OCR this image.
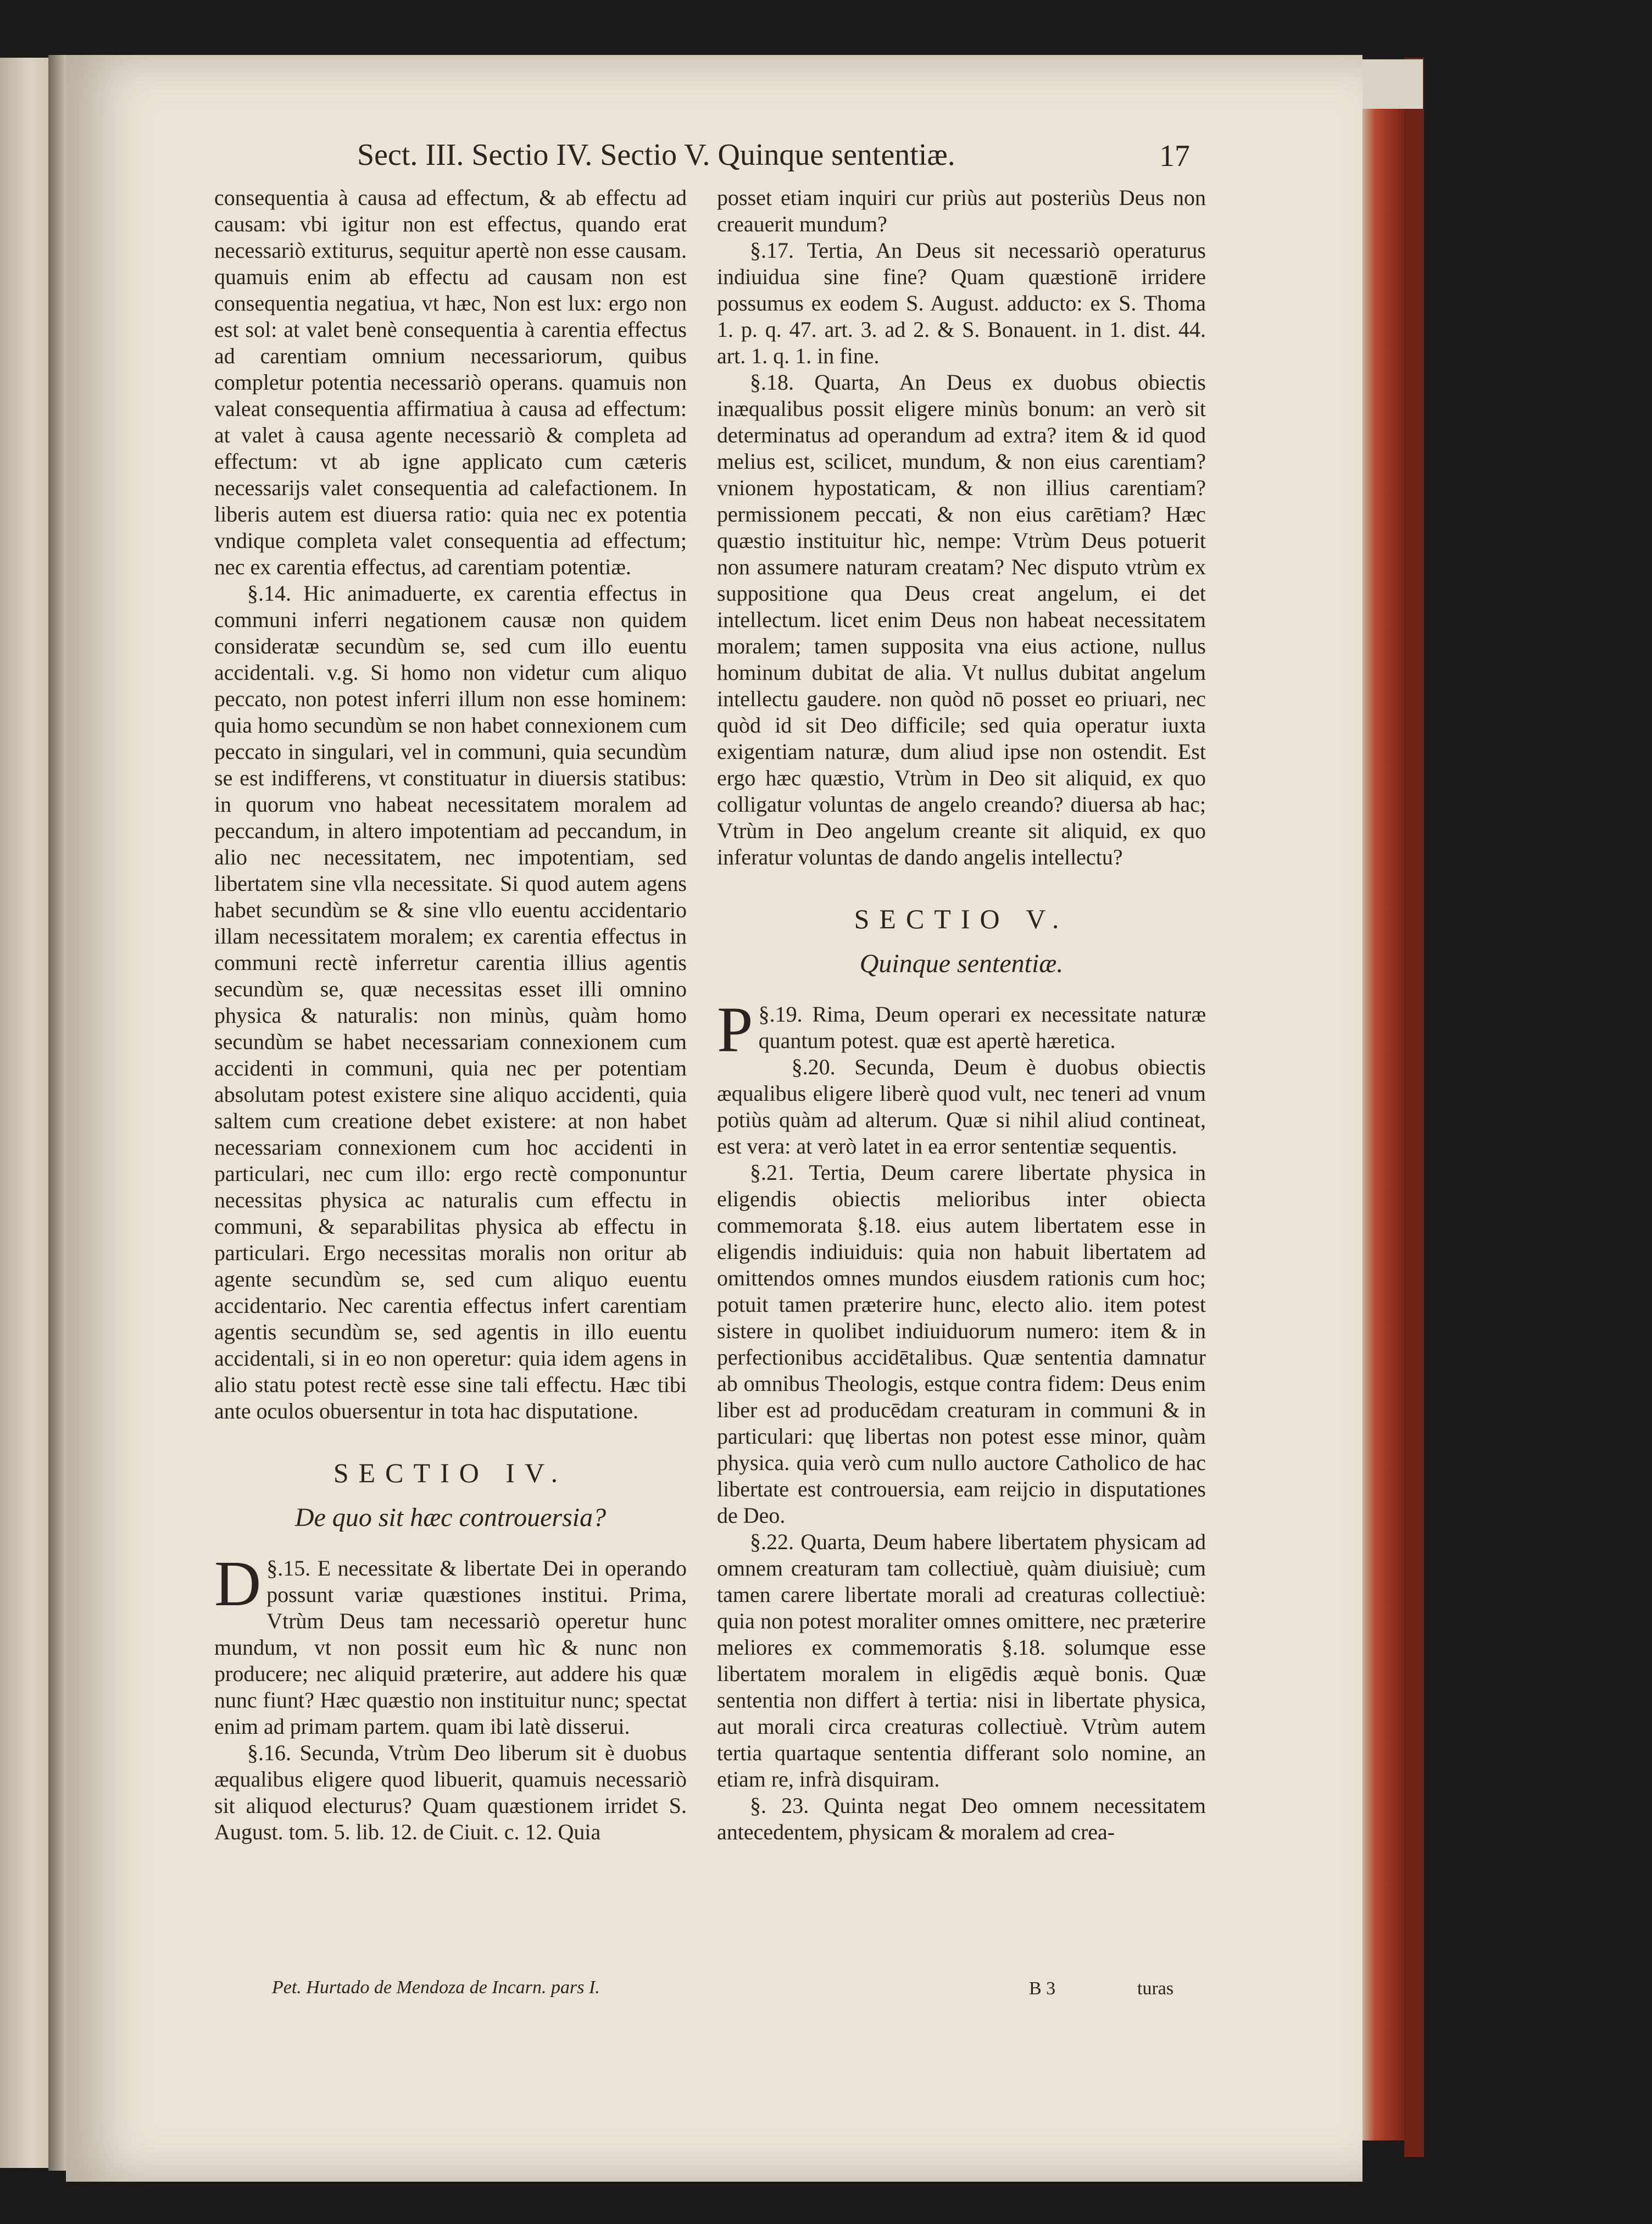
Sect. III. Sectio IV. Sectio V. Quinque sententiæ.	17

consequentia à causa ad effectum, & ab effectu ad causam: vbi igitur non est effectus, quando erat necessariò extiturus, sequitur apertè non esse causam. quamuis enim ab effectu ad causam non est consequentia negatiua, vt hæc, Non est lux: ergo non est sol: at valet benè consequentia à carentia effectus ad carentiam omnium necessariorum, quibus completur potentia necessariò operans. quamuis non valeat consequentia affirmatiua à causa ad effectum: at valet à causa agente necessariò & completa ad effectum: vt ab igne applicato cum cæteris necessarijs valet consequentia ad calefactionem. In liberis autem est diuersa ratio: quia nec ex potentia vndique completa valet consequentia ad effectum; nec ex carentia effectus, ad carentiam potentiæ.

§.14. Hic animaduerte, ex carentia effectus in communi inferri negationem causæ non quidem consideratæ secundùm se, sed cum illo euentu accidentali. v.g. Si homo non videtur cum aliquo peccato, non potest inferri illum non esse hominem: quia homo secundùm se non habet connexionem cum peccato in singulari, vel in communi, quia secundùm se est indifferens, vt constituatur in diuersis statibus: in quorum vno habeat necessitatem moralem ad peccandum, in altero impotentiam ad peccandum, in alio nec necessitatem, nec impotentiam, sed libertatem sine vlla necessitate. Si quod autem agens habet secundùm se & sine vllo euentu accidentario illam necessitatem moralem; ex carentia effectus in communi rectè inferretur carentia illius agentis secundùm se, quæ necessitas esset illi omnino physica & naturalis: non minùs, quàm homo secundùm se habet necessariam connexionem cum accidenti in communi, quia nec per potentiam absolutam potest existere sine aliquo accidenti, quia saltem cum creatione debet existere: at non habet necessariam connexionem cum hoc accidenti in particulari, nec cum illo: ergo rectè componuntur necessitas physica ac naturalis cum effectu in communi, & separabilitas physica ab effectu in particulari. Ergo necessitas moralis non oritur ab agente secundùm se, sed cum aliquo euentu accidentario. Nec carentia effectus infert carentiam agentis secundùm se, sed agentis in illo euentu accidentali, si in eo non operetur: quia idem agens in alio statu potest rectè esse sine tali effectu. Hæc tibi ante oculos obuersentur in tota hac disputatione.

SECTIO IV.
De quo sit hæc controuersia?

§.15.
D	E necessitate & libertate Dei in operando possunt variæ quæstiones institui. Prima, Vtrùm Deus tam necessariò operetur hunc mundum, vt non possit eum hìc & nunc non producere; nec aliquid præterire, aut addere his quæ nunc fiunt? Hæc quæstio non instituitur nunc; spectat enim ad primam partem. quam ibi latè disserui.

§.16. Secunda, Vtrùm Deo liberum sit è duobus æqualibus eligere quod libuerit, quamuis necessariò sit aliquod electurus? Quam quæstionem irridet S. August. tom. 5. lib. 12. de Ciuit. c. 12. Quia

posset etiam inquiri cur priùs aut posteriùs Deus non creauerit mundum?

§.17. Tertia, An Deus sit necessariò operaturus indiuidua sine fine? Quam quæstionē irridere possumus ex eodem S. August. adducto: ex S. Thoma 1. p. q. 47. art. 3. ad 2. & S. Bonauent. in 1. dist. 44. art. 1. q. 1. in fine.

§.18. Quarta, An Deus ex duobus obiectis inæqualibus possit eligere minùs bonum: an verò sit determinatus ad operandum ad extra? item & id quod melius est, scilicet, mundum, & non eius carentiam? vnionem hypostaticam, & non illius carentiam? permissionem peccati, & non eius carētiam? Hæc quæstio instituitur hìc, nempe: Vtrùm Deus potuerit non assumere naturam creatam? Nec disputo vtrùm ex suppositione qua Deus creat angelum, ei det intellectum. licet enim Deus non habeat necessitatem moralem; tamen supposita vna eius actione, nullus hominum dubitat de alia. Vt nullus dubitat angelum intellectu gaudere. non quòd nō posset eo priuari, nec quòd id sit Deo difficile; sed quia operatur iuxta exigentiam naturæ, dum aliud ipse non ostendit. Est ergo hæc quæstio, Vtrùm in Deo sit aliquid, ex quo colligatur voluntas de angelo creando? diuersa ab hac; Vtrùm in Deo angelum creante sit aliquid, ex quo inferatur voluntas de dando angelis intellectu?

SECTIO V.
Quinque sententiæ.

§.19.
P	Rima, Deum operari ex necessitate naturæ quantum potest. quæ est apertè hæretica.

§.20. Secunda, Deum è duobus obiectis æqualibus eligere liberè quod vult, nec teneri ad vnum potiùs quàm ad alterum. Quæ si nihil aliud contineat, est vera: at verò latet in ea error sententiæ sequentis.

§.21. Tertia, Deum carere libertate physica in eligendis obiectis melioribus inter obiecta commemorata §.18. eius autem libertatem esse in eligendis indiuiduis: quia non habuit libertatem ad omittendos omnes mundos eiusdem rationis cum hoc; potuit tamen præterire hunc, electo alio. item potest sistere in quolibet indiuiduorum numero: item & in perfectionibus accidētalibus. Quæ sententia damnatur ab omnibus Theologis, estque contra fidem: Deus enim liber est ad producēdam creaturam in communi & in particulari: quę libertas non potest esse minor, quàm physica. quia verò cum nullo auctore Catholico de hac libertate est controuersia, eam reijcio in disputationes de Deo.

§.22. Quarta, Deum habere libertatem physicam ad omnem creaturam tam collectiuè, quàm diuisiuè; cum tamen carere libertate morali ad creaturas collectiuè: quia non potest moraliter omnes omittere, nec præterire meliores ex commemoratis §.18. solumque esse libertatem moralem in eligēdis æquè bonis. Quæ sententia non differt à tertia: nisi in libertate physica, aut morali circa creaturas collectiuè. Vtrùm autem tertia quartaque sententia differant solo nomine, an etiam re, infrà disquiram.

§. 23. Quinta negat Deo omnem necessitatem antecedentem, physicam & moralem ad crea-

Pet. Hurtado de Mendoza de Incarn. pars I.	B 3	turas
